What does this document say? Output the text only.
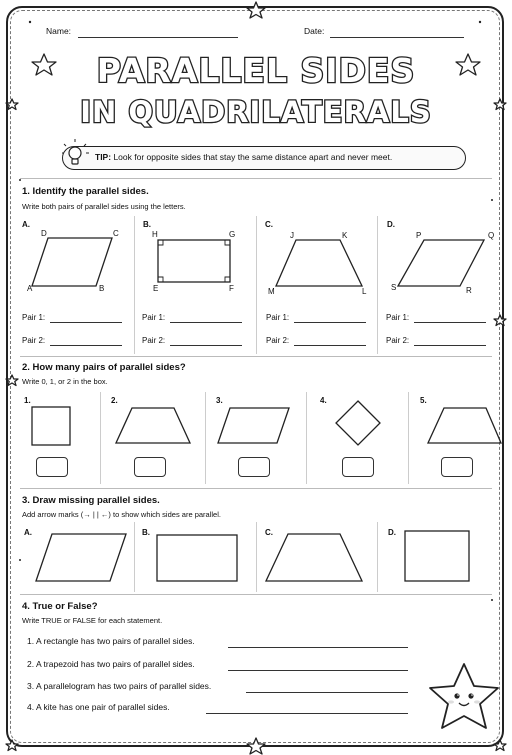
Name:	Date:
PARALLEL SIDES
IN QUADRILATERALS
TIP: Look for opposite sides that stay the same distance apart and never meet.
1. Identify the parallel sides.
Write both pairs of parallel sides using the letters.
A.
D	C
A	B
B.
H	G
E	F
C.
J	K
M	L
D.
P	Q
S	R
Pair 1:
Pair 2:
Pair 1:
Pair 2:
Pair 1:
Pair 2:
Pair 1:
Pair 2:
2. How many pairs of parallel sides?
Write 0, 1, or 2 in the box.
1.	2.	3.	4.	5.
3. Draw missing parallel sides.
Add arrow marks (→ | | ←) to show which sides are parallel.
A.	B.	C.	D.
4. True or False?
Write TRUE or FALSE for each statement.
1. A rectangle has two pairs of parallel sides.
2. A trapezoid has two pairs of parallel sides.
3. A parallelogram has two pairs of parallel sides.
4. A kite has one pair of parallel sides.
